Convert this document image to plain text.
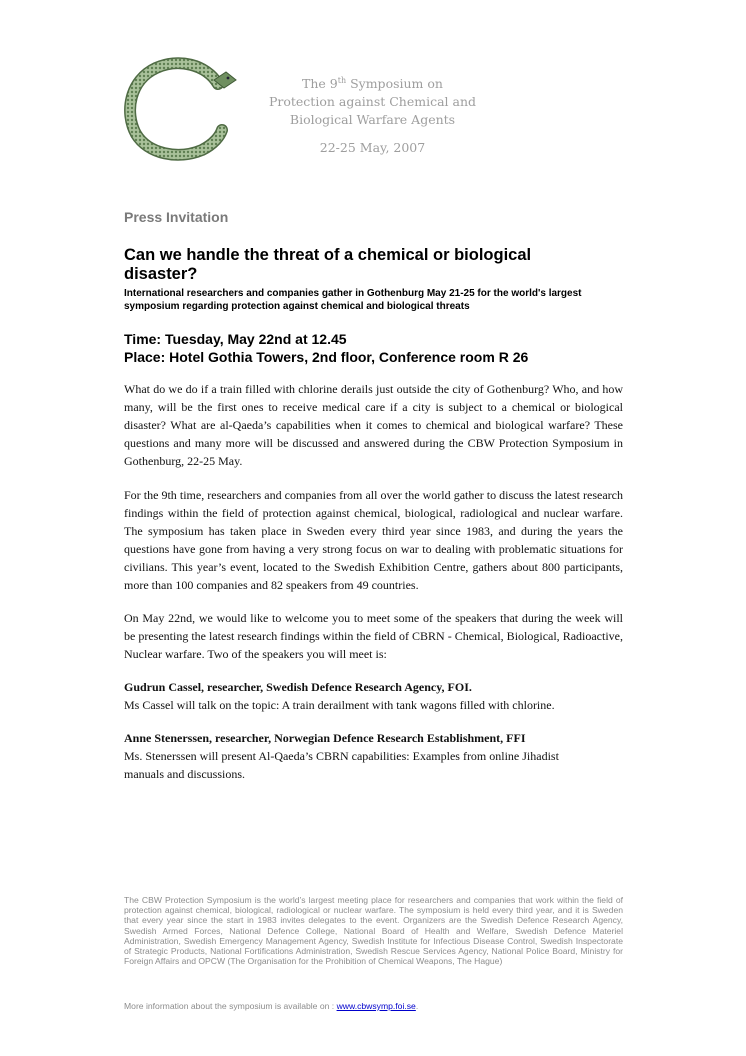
The 9th Symposium on
Protection against Chemical and
Biological Warfare Agents
22-25 May, 2007
Press Invitation
Can we handle the threat of a chemical or biological disaster?

International researchers and companies gather in Gothenburg May 21-25 for the world's largest symposium regarding protection against chemical and biological threats

Time: Tuesday, May 22nd at 12.45
Place: Hotel Gothia Towers, 2nd floor, Conference room R 26

What do we do if a train filled with chlorine derails just outside the city of Gothenburg? Who, and how many, will be the first ones to receive medical care if a city is subject to a chemical or biological disaster? What are al-Qaeda’s capabilities when it comes to chemical and biological warfare? These questions and many more will be discussed and answered during the CBW Protection Symposium in Gothenburg, 22-25 May.

For the 9th time, researchers and companies from all over the world gather to discuss the latest research findings within the field of protection against chemical, biological, radiological and nuclear warfare. The symposium has taken place in Sweden every third year since 1983, and during the years the questions have gone from having a very strong focus on war to dealing with problematic situations for civilians. This year’s event, located to the Swedish Exhibition Centre, gathers about 800 participants, more than 100 companies and 82 speakers from 49 countries.

On May 22nd, we would like to welcome you to meet some of the speakers that during the week will be presenting the latest research findings within the field of CBRN - Chemical, Biological, Radioactive, Nuclear warfare. Two of the speakers you will meet is:

Gudrun Cassel, researcher, Swedish Defence Research Agency, FOI.
Ms Cassel will talk on the topic: A train derailment with tank wagons filled with chlorine.
Anne Stenerssen, researcher, Norwegian Defence Research Establishment, FFI
Ms. Stenerssen will present Al-Qaeda’s CBRN capabilities: Examples from online Jihadist manuals and discussions.

The CBW Protection Symposium is the world’s largest meeting place for researchers and companies that work within the field of protection against chemical, biological, radiological or nuclear warfare. The symposium is held every third year, and it is Sweden that every year since the start in 1983 invites delegates to the event. Organizers are the Swedish Defence Research Agency, Swedish Armed Forces, National Defence College, National Board of Health and Welfare, Swedish Defence Materiel Administration, Swedish Emergency Management Agency, Swedish Institute for Infectious Disease Control, Swedish Inspectorate of Strategic Products, National Fortifications Administration, Swedish Rescue Services Agency, National Police Board, Ministry for Foreign Affairs and OPCW (The Organisation for the Prohibition of Chemical Weapons, The Hague)

More information about the symposium is available on : www.cbwsymp.foi.se.
